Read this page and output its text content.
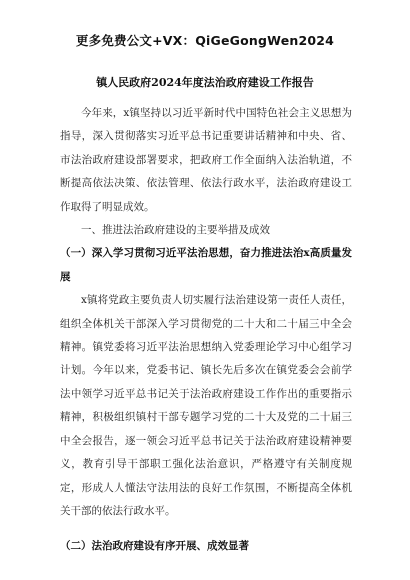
更多免费公文+VX：QiGeGongWen2024
镇人民政府2024年度法治政府建设工作报告

今年来，x镇坚持以习近平新时代中国特色社会主义思想为指导，深入贯彻落实习近平总书记重要讲话精神和中央、省、市法治政府建设部署要求，把政府工作全面纳入法治轨道，不断提高依法决策、依法管理、依法行政水平，法治政府建设工作取得了明显成效。

一、推进法治政府建设的主要举措及成效

（一）深入学习贯彻习近平法治思想，奋力推进法治x高质量发展

x镇将党政主要负责人切实履行法治建设第一责任人责任，组织全体机关干部深入学习贯彻党的二十大和二十届三中全会精神。镇党委将习近平法治思想纳入党委理论学习中心组学习计划。今年以来，党委书记、镇长先后多次在镇党委会会前学法中领学习近平总书记关于法治政府建设工作作出的重要指示精神，积极组织镇村干部专题学习党的二十大及党的二十届三中全会报告，逐一领会习近平总书记关于法治政府建设精神要义，教育引导干部职工强化法治意识，严格遵守有关制度规定，形成人人懂法守法用法的良好工作氛围，不断提高全体机关干部的依法行政水平。

（二）法治政府建设有序开展、成效显著
